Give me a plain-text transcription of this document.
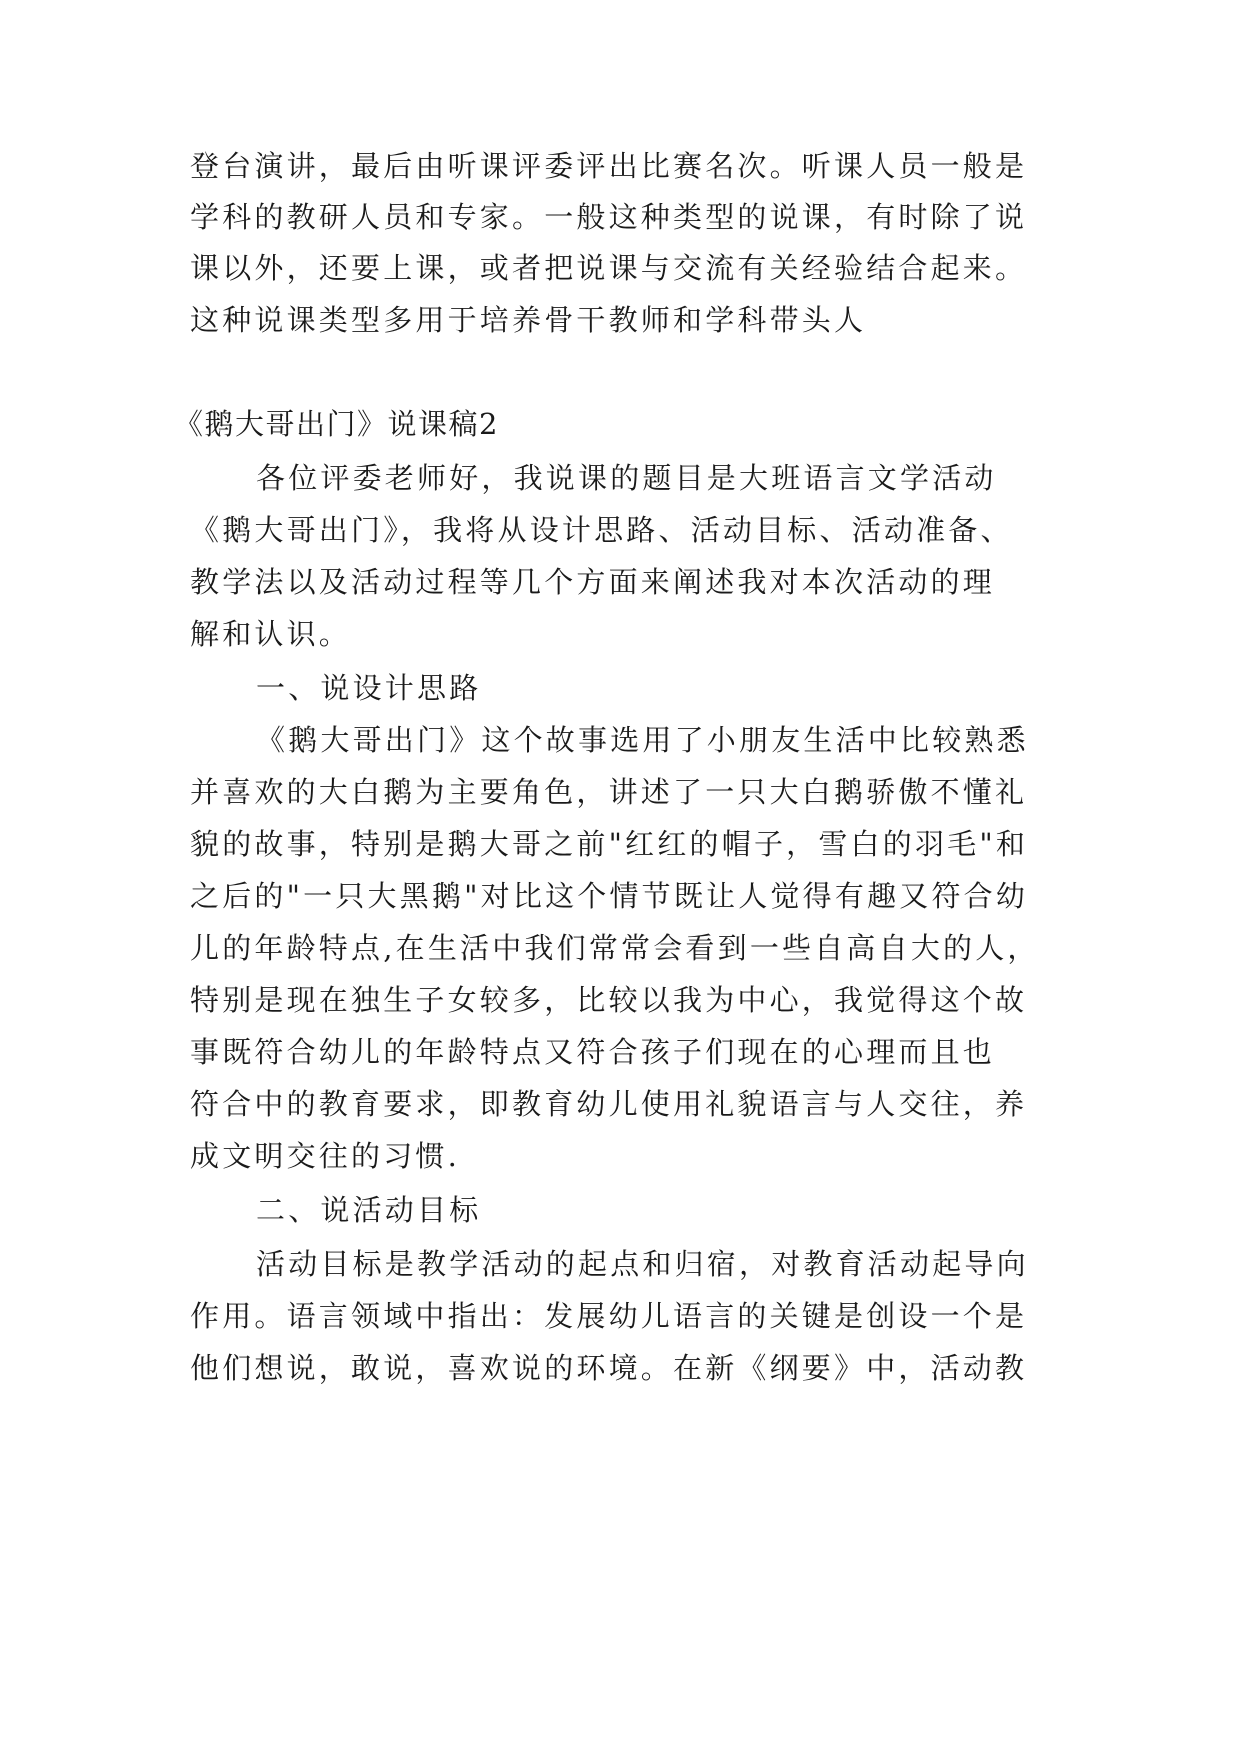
登台演讲，最后由听课评委评出比赛名次。听课人员一般是
学科的教研人员和专家。一般这种类型的说课，有时除了说
课以外，还要上课，或者把说课与交流有关经验结合起来。
这种说课类型多用于培养骨干教师和学科带头人
《鹅大哥出门》说课稿2
各位评委老师好，我说课的题目是大班语言文学活动
《鹅大哥出门》，我将从设计思路、活动目标、活动准备、
教学法以及活动过程等几个方面来阐述我对本次活动的理
解和认识。
一、说设计思路
《鹅大哥出门》这个故事选用了小朋友生活中比较熟悉
并喜欢的大白鹅为主要角色，讲述了一只大白鹅骄傲不懂礼
貌的故事，特别是鹅大哥之前"红红的帽子，雪白的羽毛"和
之后的"一只大黑鹅"对比这个情节既让人觉得有趣又符合幼
儿的年龄特点,在生活中我们常常会看到一些自高自大的人，
特别是现在独生子女较多，比较以我为中心，我觉得这个故
事既符合幼儿的年龄特点又符合孩子们现在的心理而且也
符合中的教育要求，即教育幼儿使用礼貌语言与人交往，养
成文明交往的习惯.
二、说活动目标
活动目标是教学活动的起点和归宿，对教育活动起导向
作用。语言领域中指出：发展幼儿语言的关键是创设一个是
他们想说，敢说，喜欢说的环境。在新《纲要》中，活动教
